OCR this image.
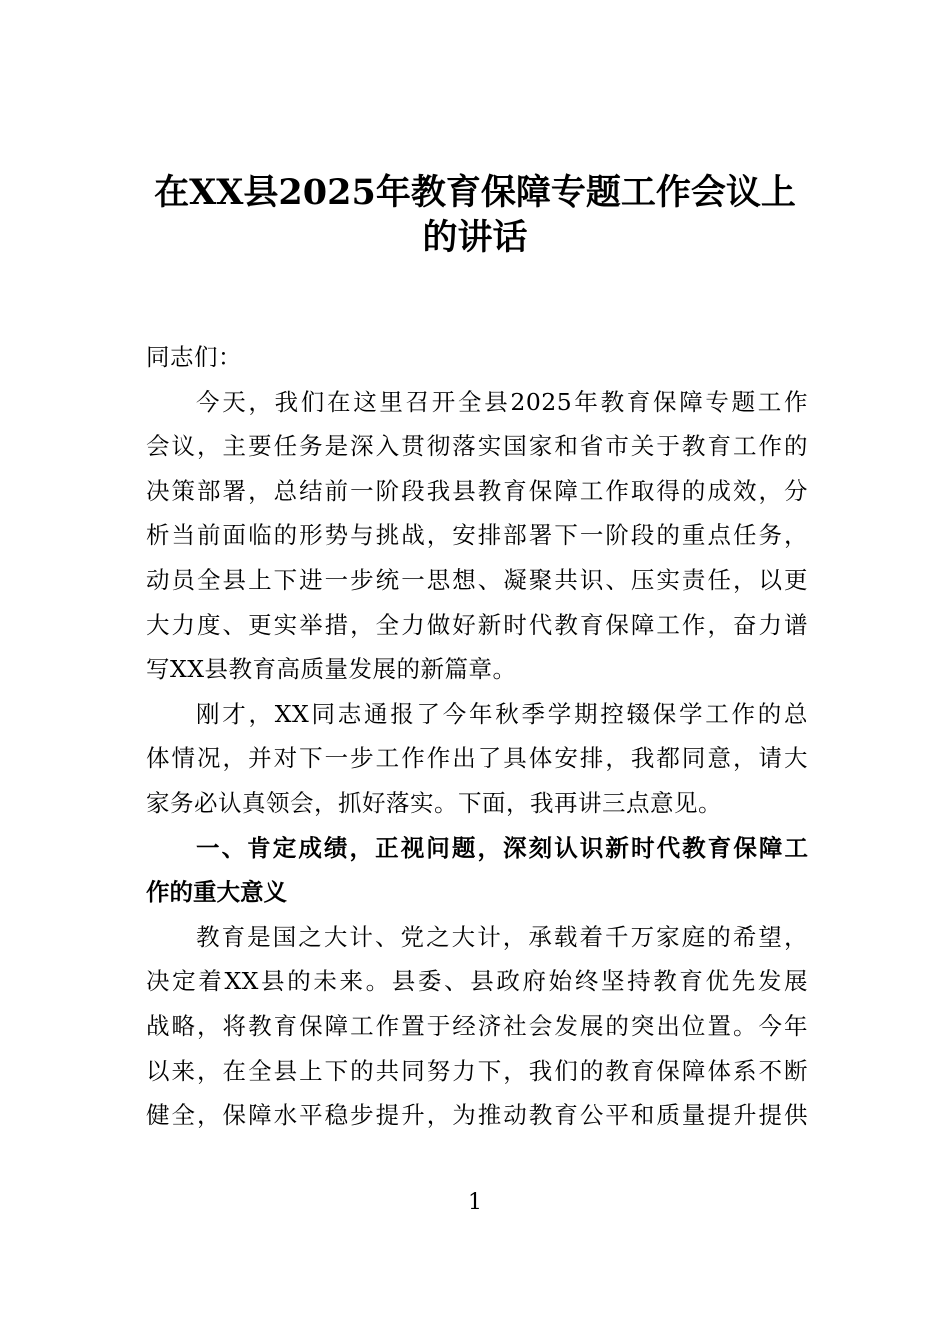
在XX县2025年教育保障专题工作会议上
的讲话
同志们：
今天，我们在这里召开全县2025年教育保障专题工作
会议，主要任务是深入贯彻落实国家和省市关于教育工作的
决策部署，总结前一阶段我县教育保障工作取得的成效，分
析当前面临的形势与挑战，安排部署下一阶段的重点任务，
动员全县上下进一步统一思想、凝聚共识、压实责任，以更
大力度、更实举措，全力做好新时代教育保障工作，奋力谱
写XX县教育高质量发展的新篇章。
刚才，XX同志通报了今年秋季学期控辍保学工作的总
体情况，并对下一步工作作出了具体安排，我都同意，请大
家务必认真领会，抓好落实。下面，我再讲三点意见。
一、肯定成绩，正视问题，深刻认识新时代教育保障工
作的重大意义
教育是国之大计、党之大计，承载着千万家庭的希望，
决定着XX县的未来。县委、县政府始终坚持教育优先发展
战略，将教育保障工作置于经济社会发展的突出位置。今年
以来，在全县上下的共同努力下，我们的教育保障体系不断
健全，保障水平稳步提升，为推动教育公平和质量提升提供
1
